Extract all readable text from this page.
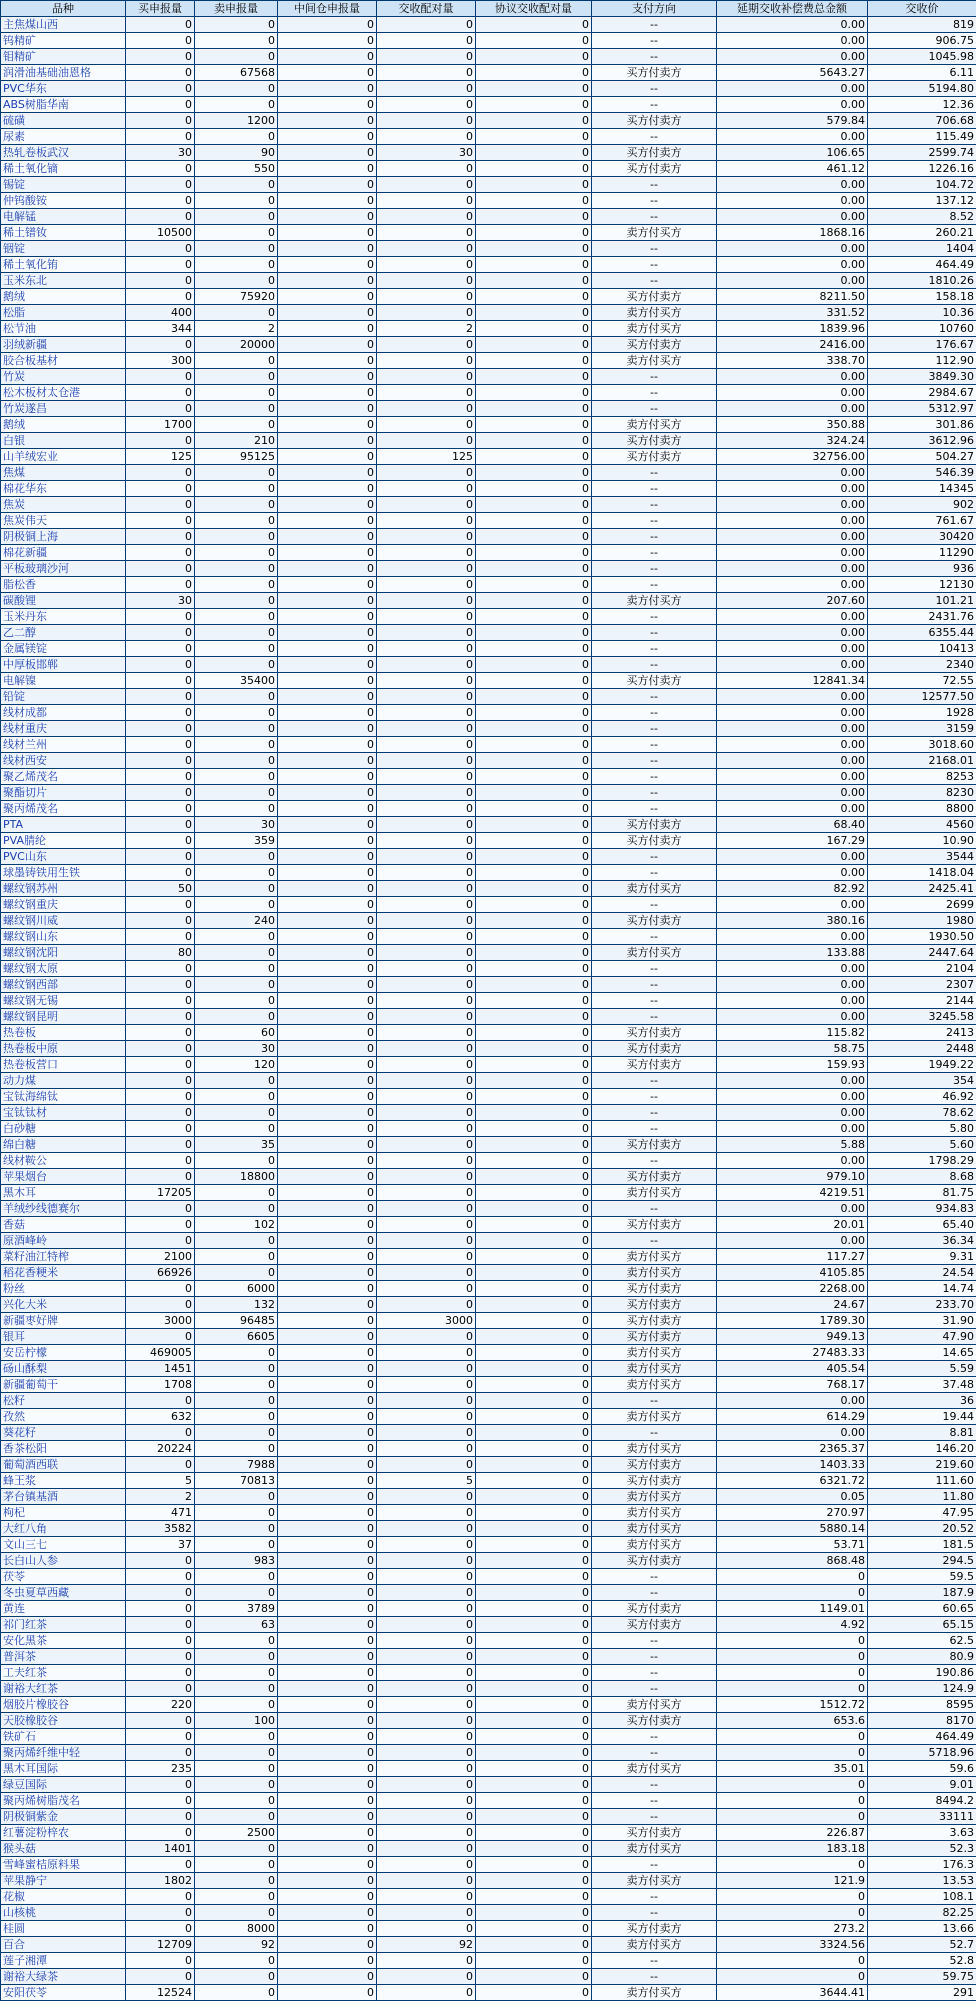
品种	买申报量	卖申报量	中间仓申报量	交收配对量	协议交收配对量	支付方向	延期交收补偿费总金额	交收价
主焦煤山西	0	0	0	0	0	--	0.00	819
钨精矿	0	0	0	0	0	--	0.00	906.75
钼精矿	0	0	0	0	0	--	0.00	1045.98
润滑油基础油恩格	0	67568	0	0	0	买方付卖方	5643.27	6.11
PVC华东	0	0	0	0	0	--	0.00	5194.80
ABS树脂华南	0	0	0	0	0	--	0.00	12.36
硫磺	0	1200	0	0	0	买方付卖方	579.84	706.68
尿素	0	0	0	0	0	--	0.00	115.49
热轧卷板武汉	30	90	0	30	0	买方付卖方	106.65	2599.74
稀土氧化镝	0	550	0	0	0	买方付卖方	461.12	1226.16
锡锭	0	0	0	0	0	--	0.00	104.72
仲钨酸铵	0	0	0	0	0	--	0.00	137.12
电解锰	0	0	0	0	0	--	0.00	8.52
稀土镨钕	10500	0	0	0	0	卖方付买方	1868.16	260.21
铟锭	0	0	0	0	0	--	0.00	1404
稀土氧化铕	0	0	0	0	0	--	0.00	464.49
玉米东北	0	0	0	0	0	--	0.00	1810.26
鹅绒	0	75920	0	0	0	买方付卖方	8211.50	158.18
松脂	400	0	0	0	0	卖方付买方	331.52	10.36
松节油	344	2	0	2	0	卖方付买方	1839.96	10760
羽绒新疆	0	20000	0	0	0	买方付卖方	2416.00	176.67
胶合板基材	300	0	0	0	0	卖方付买方	338.70	112.90
竹炭	0	0	0	0	0	--	0.00	3849.30
松木板材太仓港	0	0	0	0	0	--	0.00	2984.67
竹炭遂昌	0	0	0	0	0	--	0.00	5312.97
鹅绒	1700	0	0	0	0	卖方付买方	350.88	301.86
白银	0	210	0	0	0	买方付卖方	324.24	3612.96
山羊绒宏业	125	95125	0	125	0	买方付卖方	32756.00	504.27
焦煤	0	0	0	0	0	--	0.00	546.39
棉花华东	0	0	0	0	0	--	0.00	14345
焦炭	0	0	0	0	0	--	0.00	902
焦炭伟天	0	0	0	0	0	--	0.00	761.67
阴极铜上海	0	0	0	0	0	--	0.00	30420
棉花新疆	0	0	0	0	0	--	0.00	11290
平板玻璃沙河	0	0	0	0	0	--	0.00	936
脂松香	0	0	0	0	0	--	0.00	12130
碳酸锂	30	0	0	0	0	卖方付买方	207.60	101.21
玉米丹东	0	0	0	0	0	--	0.00	2431.76
乙二醇	0	0	0	0	0	--	0.00	6355.44
金属镁锭	0	0	0	0	0	--	0.00	10413
中厚板邯郸	0	0	0	0	0	--	0.00	2340
电解镍	0	35400	0	0	0	买方付卖方	12841.34	72.55
铅锭	0	0	0	0	0	--	0.00	12577.50
线材成都	0	0	0	0	0	--	0.00	1928
线材重庆	0	0	0	0	0	--	0.00	3159
线材兰州	0	0	0	0	0	--	0.00	3018.60
线材西安	0	0	0	0	0	--	0.00	2168.01
聚乙烯茂名	0	0	0	0	0	--	0.00	8253
聚酯切片	0	0	0	0	0	--	0.00	8230
聚丙烯茂名	0	0	0	0	0	--	0.00	8800
PTA	0	30	0	0	0	买方付卖方	68.40	4560
PVA腈纶	0	359	0	0	0	买方付卖方	167.29	10.90
PVC山东	0	0	0	0	0	--	0.00	3544
球墨铸铁用生铁	0	0	0	0	0	--	0.00	1418.04
螺纹钢苏州	50	0	0	0	0	卖方付买方	82.92	2425.41
螺纹钢重庆	0	0	0	0	0	--	0.00	2699
螺纹钢川威	0	240	0	0	0	买方付卖方	380.16	1980
螺纹钢山东	0	0	0	0	0	--	0.00	1930.50
螺纹钢沈阳	80	0	0	0	0	卖方付买方	133.88	2447.64
螺纹钢太原	0	0	0	0	0	--	0.00	2104
螺纹钢西部	0	0	0	0	0	--	0.00	2307
螺纹钢无锡	0	0	0	0	0	--	0.00	2144
螺纹钢昆明	0	0	0	0	0	--	0.00	3245.58
热卷板	0	60	0	0	0	买方付卖方	115.82	2413
热卷板中原	0	30	0	0	0	买方付卖方	58.75	2448
热卷板营口	0	120	0	0	0	买方付卖方	159.93	1949.22
动力煤	0	0	0	0	0	--	0.00	354
宝钛海绵钛	0	0	0	0	0	--	0.00	46.92
宝钛钛材	0	0	0	0	0	--	0.00	78.62
白砂糖	0	0	0	0	0	--	0.00	5.80
绵白糖	0	35	0	0	0	买方付卖方	5.88	5.60
线材鞍公	0	0	0	0	0	--	0.00	1798.29
苹果烟台	0	18800	0	0	0	买方付卖方	979.10	8.68
黑木耳	17205	0	0	0	0	卖方付买方	4219.51	81.75
羊绒纱线德赛尔	0	0	0	0	0	--	0.00	934.83
香菇	0	102	0	0	0	买方付卖方	20.01	65.40
原酒峰岭	0	0	0	0	0	--	0.00	36.34
菜籽油江特榨	2100	0	0	0	0	卖方付买方	117.27	9.31
稻花香粳米	66926	0	0	0	0	卖方付买方	4105.85	24.54
粉丝	0	6000	0	0	0	买方付卖方	2268.00	14.74
兴化大米	0	132	0	0	0	买方付卖方	24.67	233.70
新疆枣好牌	3000	96485	0	3000	0	买方付卖方	1789.30	31.90
银耳	0	6605	0	0	0	买方付卖方	949.13	47.90
安岳柠檬	469005	0	0	0	0	卖方付买方	27483.33	14.65
砀山酥梨	1451	0	0	0	0	卖方付买方	405.54	5.59
新疆葡萄干	1708	0	0	0	0	卖方付买方	768.17	37.48
松籽	0	0	0	0	0	--	0.00	36
孜然	632	0	0	0	0	卖方付买方	614.29	19.44
葵花籽	0	0	0	0	0	--	0.00	8.81
香茶松阳	20224	0	0	0	0	卖方付买方	2365.37	146.20
葡萄酒西联	0	7988	0	0	0	买方付卖方	1403.33	219.60
蜂王浆	5	70813	0	5	0	买方付卖方	6321.72	111.60
茅台镇基酒	2	0	0	0	0	卖方付买方	0.05	11.80
枸杞	471	0	0	0	0	卖方付买方	270.97	47.95
大红八角	3582	0	0	0	0	卖方付买方	5880.14	20.52
文山三七	37	0	0	0	0	卖方付买方	53.71	181.5
长白山人参	0	983	0	0	0	买方付卖方	868.48	294.5
茯苓	0	0	0	0	0	--	0	59.5
冬虫夏草西藏	0	0	0	0	0	--	0	187.9
黄连	0	3789	0	0	0	买方付卖方	1149.01	60.65
祁门红茶	0	63	0	0	0	买方付卖方	4.92	65.15
安化黑茶	0	0	0	0	0	--	0	62.5
普洱茶	0	0	0	0	0	--	0	80.9
工夫红茶	0	0	0	0	0	--	0	190.86
谢裕大红茶	0	0	0	0	0	--	0	124.9
烟胶片橡胶谷	220	0	0	0	0	卖方付买方	1512.72	8595
天胶橡胶谷	0	100	0	0	0	买方付卖方	653.6	8170
铁矿石	0	0	0	0	0	--	0	464.49
聚丙烯纤维中轻	0	0	0	0	0	--	0	5718.96
黑木耳国际	235	0	0	0	0	卖方付买方	35.01	59.6
绿豆国际	0	0	0	0	0	--	0	9.01
聚丙烯树脂茂名	0	0	0	0	0	--	0	8494.2
阴极铜紫金	0	0	0	0	0	--	0	33111
红薯淀粉梓农	0	2500	0	0	0	买方付卖方	226.87	3.63
猴头菇	1401	0	0	0	0	卖方付买方	183.18	52.3
雪峰蜜桔原料果	0	0	0	0	0	--	0	176.3
苹果静宁	1802	0	0	0	0	卖方付买方	121.9	13.53
花椒	0	0	0	0	0	--	0	108.1
山核桃	0	0	0	0	0	--	0	82.25
桂圆	0	8000	0	0	0	买方付卖方	273.2	13.66
百合	12709	92	0	92	0	卖方付买方	3324.56	52.7
莲子湘潭	0	0	0	0	0	--	0	52.8
谢裕大绿茶	0	0	0	0	0	--	0	59.75
安阳茯苓	12524	0	0	0	0	卖方付买方	3644.41	291
